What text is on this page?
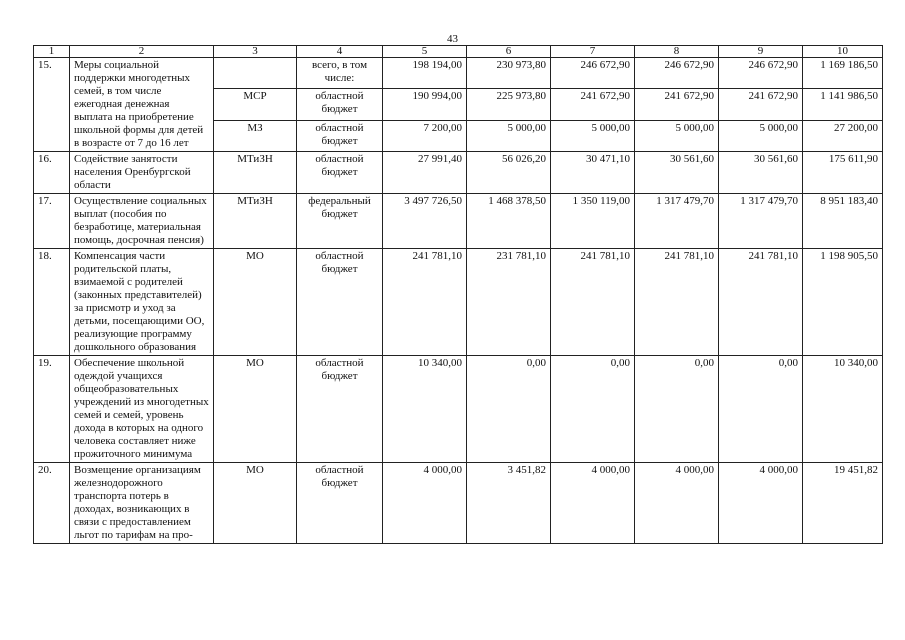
43
1	2	3	4	5	6	7	8	9	10
15.	Меры социальной поддержки многодетных семей, в том числе ежегодная денежная выплата на приобретение школьной формы для детей в возрасте от 7 до 16 лет		всего, в том числе:	198 194,00	230 973,80	246 672,90	246 672,90	246 672,90	1 169 186,50
		МСР	областной бюджет	190 994,00	225 973,80	241 672,90	241 672,90	241 672,90	1 141 986,50
		МЗ	областной бюджет	7 200,00	5 000,00	5 000,00	5 000,00	5 000,00	27 200,00
16.	Содействие занятости населения Оренбургской области	МТиЗН	областной бюджет	27 991,40	56 026,20	30 471,10	30 561,60	30 561,60	175 611,90
17.	Осуществление социальных выплат (пособия по безработице, материальная помощь, досрочная пенсия)	МТиЗН	федеральный бюджет	3 497 726,50	1 468 378,50	1 350 119,00	1 317 479,70	1 317 479,70	8 951 183,40
18.	Компенсация части родительской платы, взимаемой с родителей (законных представителей) за присмотр и уход за детьми, посещающими ОО, реализующие программу дошкольного образования	МО	областной бюджет	241 781,10	231 781,10	241 781,10	241 781,10	241 781,10	1 198 905,50
19.	Обеспечение школьной одеждой учащихся общеобразовательных учреждений из многодетных семей и семей, уровень дохода в которых на одного человека составляет ниже прожиточного минимума	МО	областной бюджет	10 340,00	0,00	0,00	0,00	0,00	10 340,00
20.	Возмещение организациям железнодорожного транспорта потерь в доходах, возникающих в связи с предоставлением льгот по тарифам на про-	МО	областной бюджет	4 000,00	3 451,82	4 000,00	4 000,00	4 000,00	19 451,82
